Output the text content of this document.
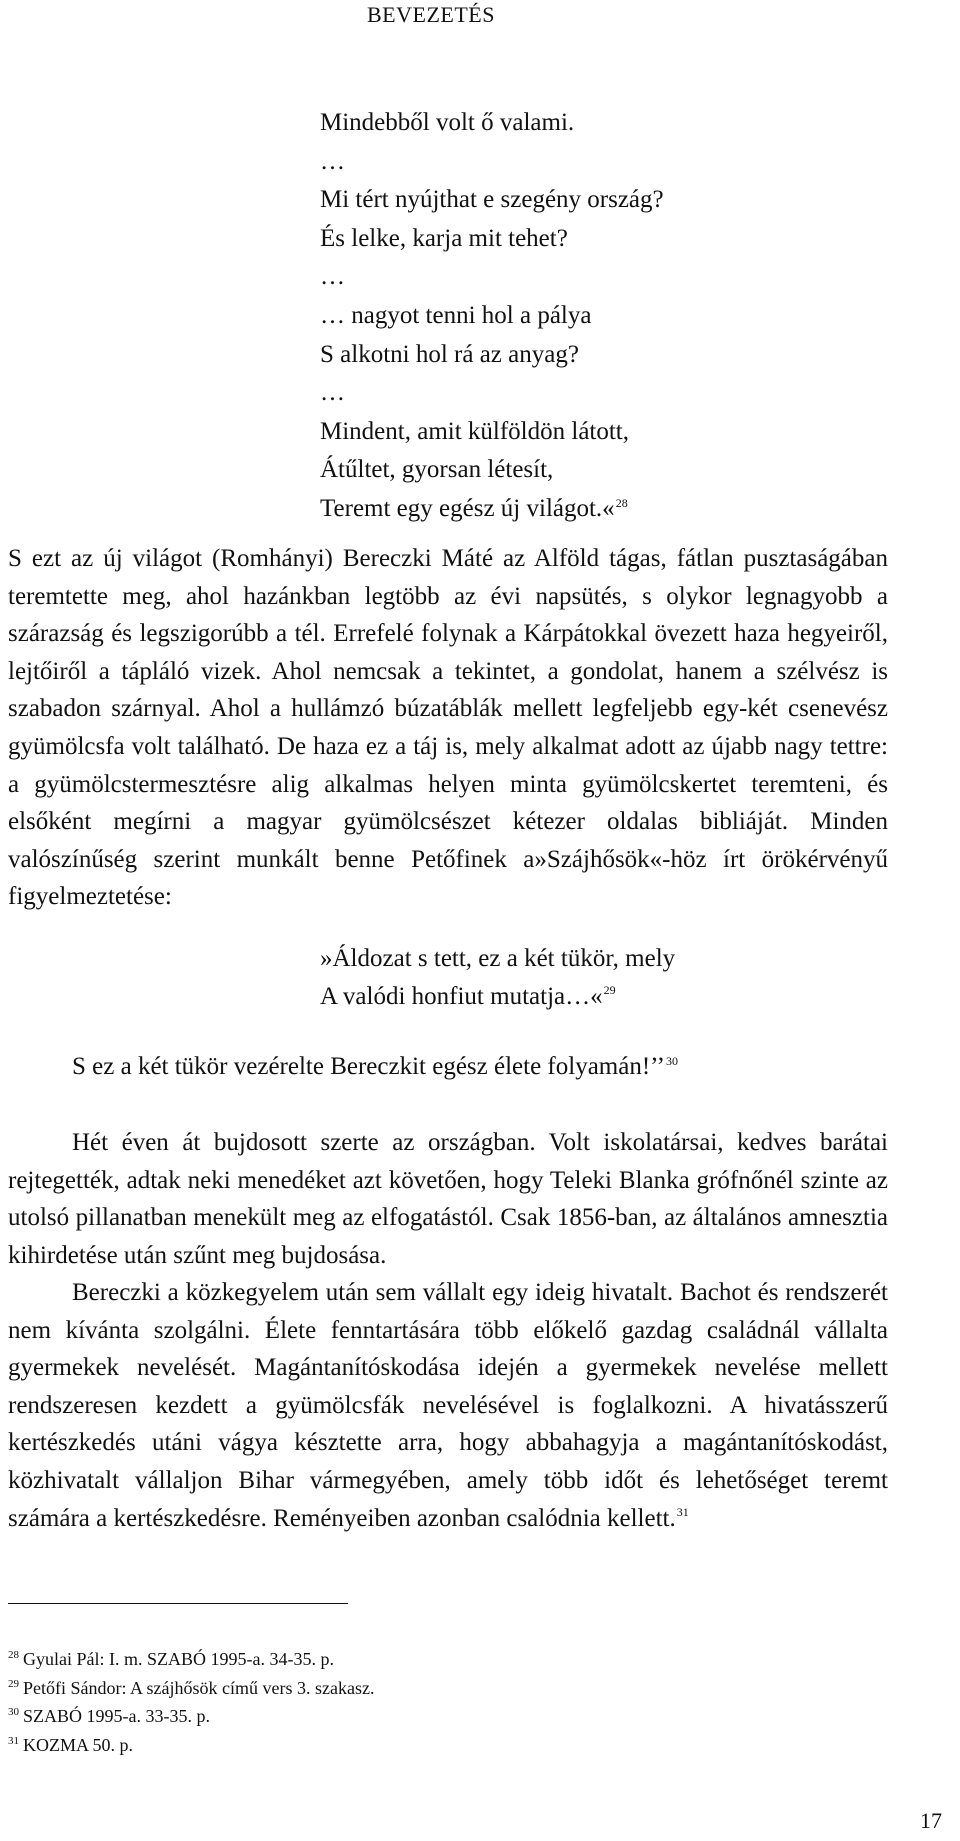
BEVEZETÉS
Mindebből volt ő valami.
…
Mi tért nyújthat e szegény ország?
És lelke, karja mit tehet?
…
… nagyot tenni hol a pálya
S alkotni hol rá az anyag?
…
Mindent, amit külföldön látott,
Átűltet, gyorsan létesít,
Teremt egy egész új világot.«$^{28}$

S ezt az új világot (Romhányi) Bereczki Máté az Alföld tágas, fátlan pusztaságában teremtette meg, ahol hazánkban legtöbb az évi napsütés, s olykor legnagyobb a szárazság és legszigorúbb a tél. Errefelé folynak a Kárpátokkal övezett haza hegyeiről, lejtőiről a tápláló vizek. Ahol nemcsak a tekintet, a gondolat, hanem a szélvész is szabadon szárnyal. Ahol a hullámzó búzatáblák mellett legfeljebb egy-két csenevész gyümölcsfa volt található. De haza ez a táj is, mely alkalmat adott az újabb nagy tettre: a gyümölcstermesztésre alig alkalmas helyen minta gyümölcskertet teremteni, és elsőként megírni a magyar gyümölcsészet kétezer oldalas bibliáját. Minden valószínűség szerint munkált benne Petőfinek a»Szájhősök«-höz írt örökérvényű figyelmeztetése:

»Áldozat s tett, ez a két tükör, mely
A valódi honfiut mutatja…«$^{29}$
S ez a két tükör vezérelte Bereczkit egész élete folyamán!’’$^{30}$

Hét éven át bujdosott szerte az országban. Volt iskolatársai, kedves barátai rejtegették, adtak neki menedéket azt követően, hogy Teleki Blanka grófnőnél szinte az utolsó pillanatban menekült meg az elfogatástól. Csak 1856-ban, az általános amnesztia kihirdetése után szűnt meg bujdosása.

Bereczki a közkegyelem után sem vállalt egy ideig hivatalt. Bachot és rendszerét nem kívánta szolgálni. Élete fenntartására több előkelő gazdag családnál vállalta gyermekek nevelését. Magántanítóskodása idején a gyermekek nevelése mellett rendszeresen kezdett a gyümölcsfák nevelésével is foglalkozni. A hivatásszerű kertészkedés utáni vágya késztette arra, hogy abbahagyja a magántanítóskodást, közhivatalt vállaljon Bihar vármegyében, amely több időt és lehetőséget teremt számára a kertészkedésre. Reményeiben azonban csalódnia kellett.$^{31}$

$^{28}$ Gyulai Pál: I. m. SZABÓ 1995-a. 34-35. p.
$^{29}$ Petőfi Sándor: A szájhősök című vers 3. szakasz.
$^{30}$ SZABÓ 1995-a. 33-35. p.
$^{31}$ KOZMA 50. p.
17
